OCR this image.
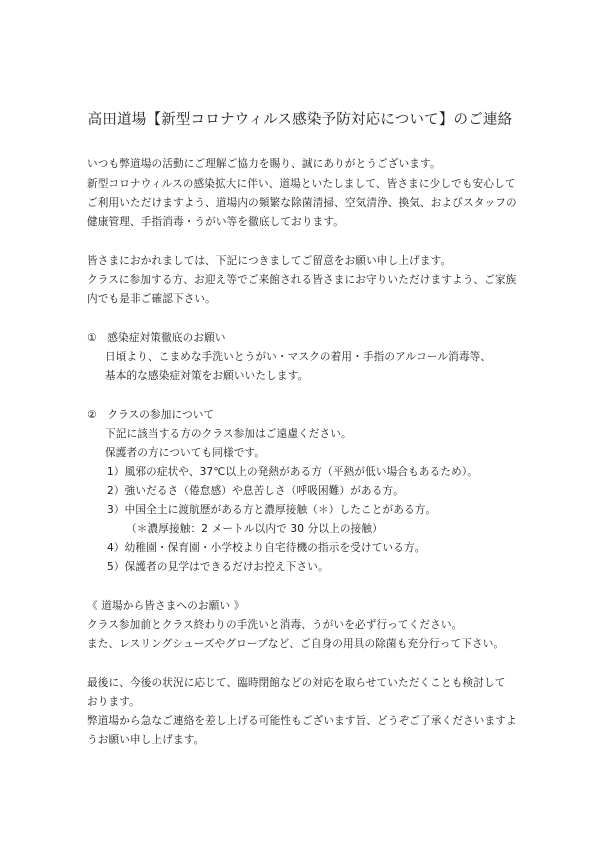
高田道場【新型コロナウィルス感染予防対応について】のご連絡
いつも弊道場の活動にご理解ご協力を賜り、誠にありがとうございます。
新型コロナウィルスの感染拡大に伴い、道場といたしまして、皆さまに少しでも安心して
ご利用いただけますよう、道場内の頻繁な除菌清掃、空気清浄、換気、およびスタッフの
健康管理、手指消毒・うがい等を徹底しております。
皆さまにおかれましては、下記につきましてご留意をお願い申し上げます。
クラスに参加する方、お迎え等でご来館される皆さまにお守りいただけますよう、ご家族
内でも是非ご確認下さい。
①　感染症対策徹底のお願い
日頃より、こまめな手洗いとうがい・マスクの着用・手指のアルコール消毒等、
基本的な感染症対策をお願いいたします。
②　クラスの参加について
下記に該当する方のクラス参加はご遠慮ください。
保護者の方についても同様です。
1）風邪の症状や、37℃以上の発熱がある方（平熱が低い場合もあるため）。
2）強いだるさ（倦怠感）や息苦しさ（呼吸困難）がある方。
3）中国全土に渡航歴がある方と濃厚接触（＊）したことがある方。
（＊濃厚接触：2 メートル以内で 30 分以上の接触）
4）幼稚園・保育園・小学校より自宅待機の指示を受けている方。
5）保護者の見学はできるだけお控え下さい。
《 道場から皆さまへのお願い 》
クラス参加前とクラス終わりの手洗いと消毒、うがいを必ず行ってください。
また、レスリングシューズやグローブなど、ご自身の用具の除菌も充分行って下さい。
最後に、今後の状況に応じて、臨時閉館などの対応を取らせていただくことも検討して
おります。
弊道場から急なご連絡を差し上げる可能性もございます旨、どうぞご了承くださいますよ
うお願い申し上げます。
